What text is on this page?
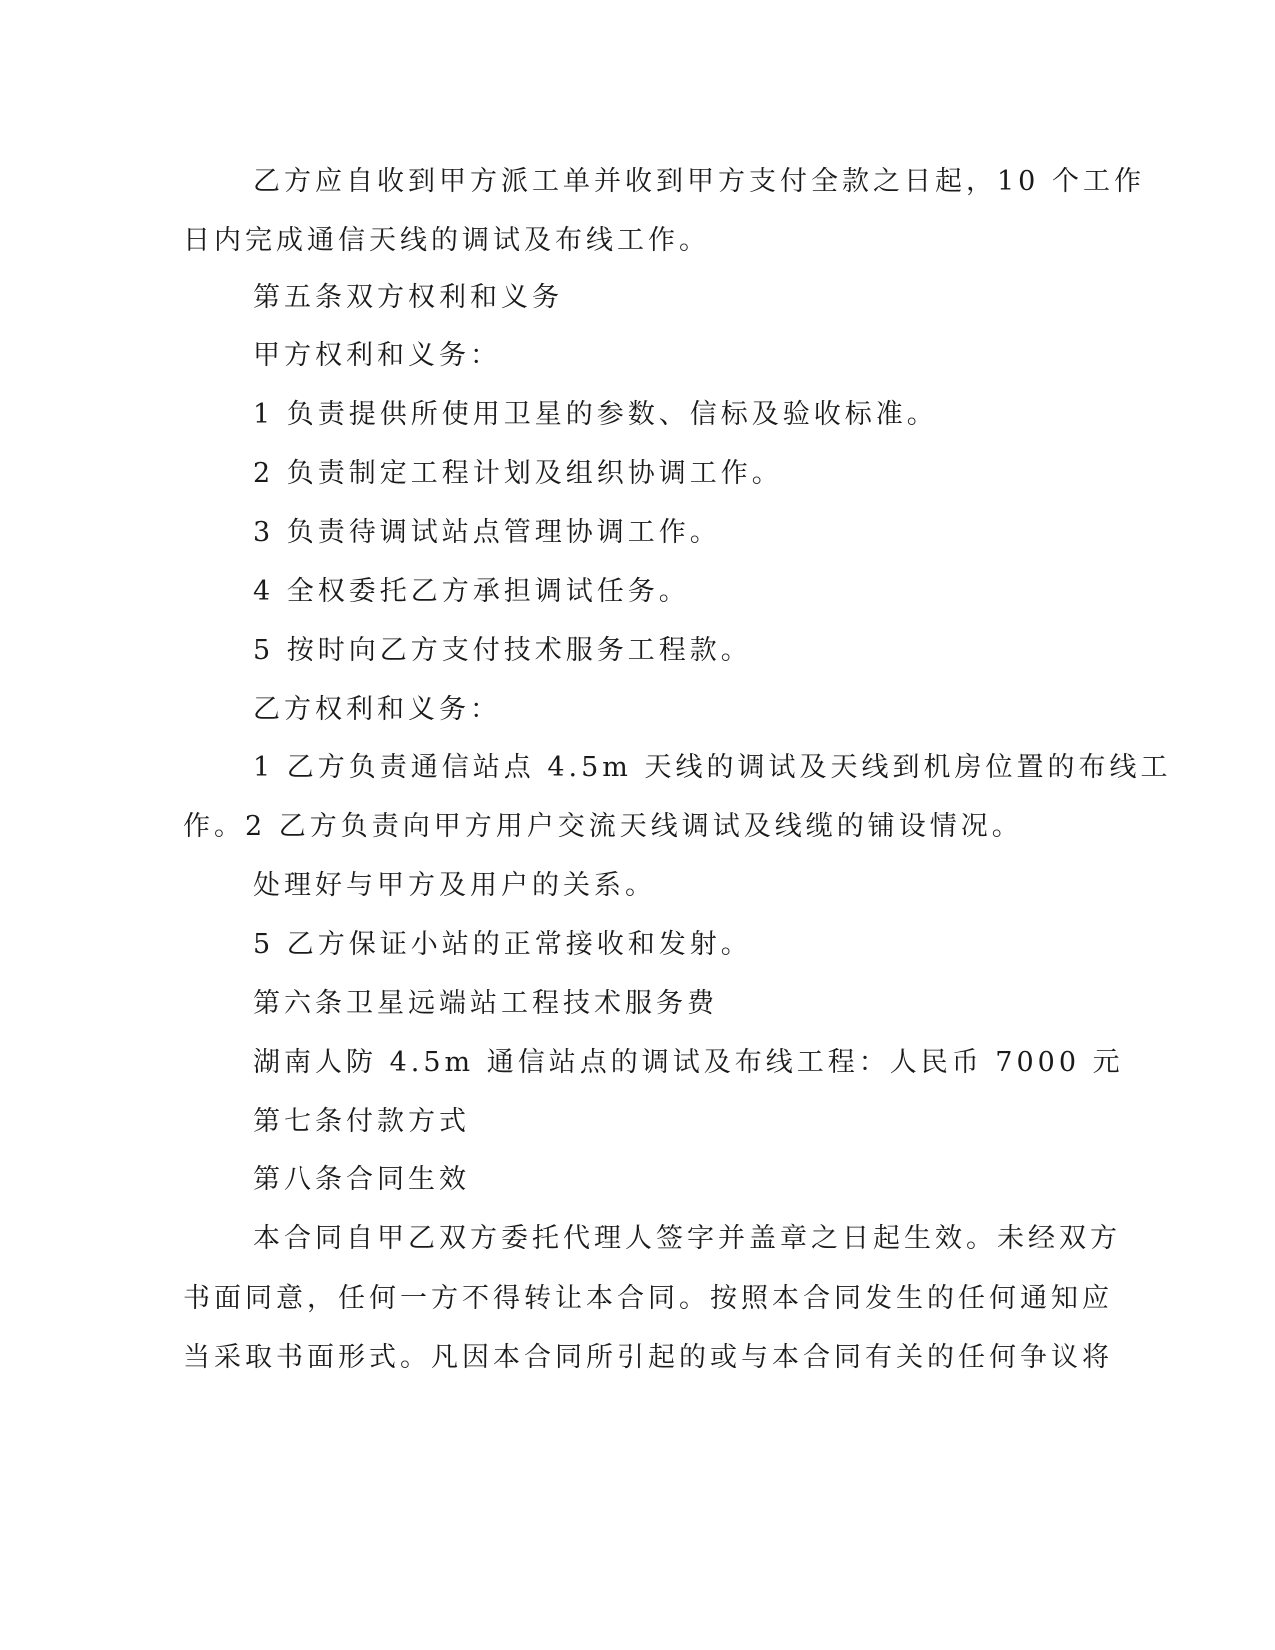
乙方应自收到甲方派工单并收到甲方支付全款之日起，10 个工作
日内完成通信天线的调试及布线工作。
第五条双方权利和义务
甲方权利和义务：
1 负责提供所使用卫星的参数、信标及验收标准。
2 负责制定工程计划及组织协调工作。
3 负责待调试站点管理协调工作。
4 全权委托乙方承担调试任务。
5 按时向乙方支付技术服务工程款。
乙方权利和义务：
1 乙方负责通信站点 4.5m 天线的调试及天线到机房位置的布线工
作。2 乙方负责向甲方用户交流天线调试及线缆的铺设情况。
处理好与甲方及用户的关系。
5 乙方保证小站的正常接收和发射。
第六条卫星远端站工程技术服务费
湖南人防 4.5m 通信站点的调试及布线工程：人民币 7000 元
第七条付款方式
第八条合同生效
本合同自甲乙双方委托代理人签字并盖章之日起生效。未经双方
书面同意，任何一方不得转让本合同。按照本合同发生的任何通知应
当采取书面形式。凡因本合同所引起的或与本合同有关的任何争议将
